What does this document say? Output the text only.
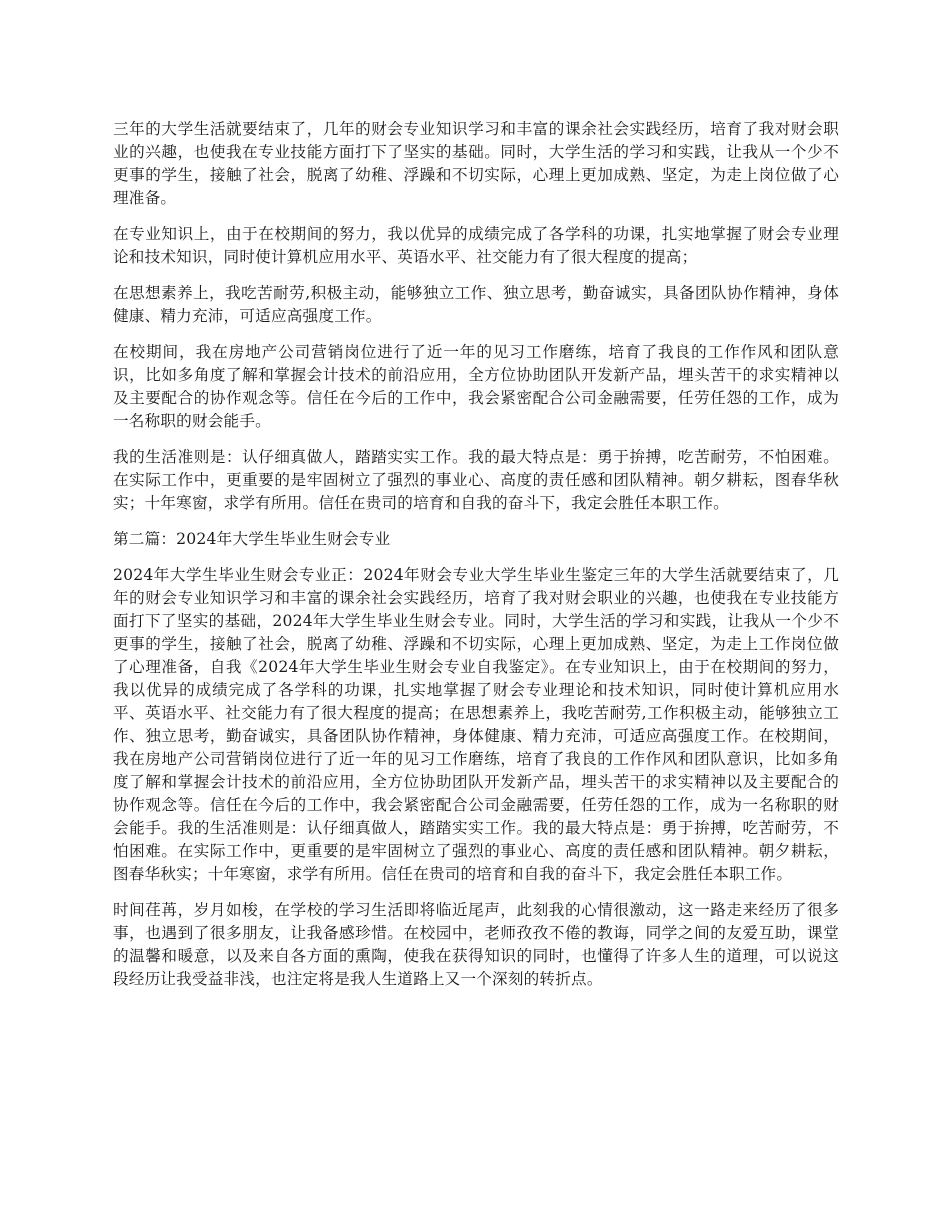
三年的大学生活就要结束了，几年的财会专业知识学习和丰富的课余社会实践经历，培育了我对财会职业的兴趣，也使我在专业技能方面打下了坚实的基础。同时，大学生活的学习和实践，让我从一个少不更事的学生，接触了社会，脱离了幼稚、浮躁和不切实际，心理上更加成熟、坚定，为走上岗位做了心理准备。

在专业知识上，由于在校期间的努力，我以优异的成绩完成了各学科的功课，扎实地掌握了财会专业理论和技术知识，同时使计算机应用水平、英语水平、社交能力有了很大程度的提高；

在思想素养上，我吃苦耐劳,积极主动，能够独立工作、独立思考，勤奋诚实，具备团队协作精神，身体健康、精力充沛，可适应高强度工作。

在校期间，我在房地产公司营销岗位进行了近一年的见习工作磨练，培育了我良的工作作风和团队意识，比如多角度了解和掌握会计技术的前沿应用，全方位协助团队开发新产品，埋头苦干的求实精神以及主要配合的协作观念等。信任在今后的工作中，我会紧密配合公司金融需要，任劳任怨的工作，成为一名称职的财会能手。

我的生活准则是：认仔细真做人，踏踏实实工作。我的最大特点是：勇于拚搏，吃苦耐劳，不怕困难。在实际工作中，更重要的是牢固树立了强烈的事业心、高度的责任感和团队精神。朝夕耕耘，图春华秋实；十年寒窗，求学有所用。信任在贵司的培育和自我的奋斗下，我定会胜任本职工作。

第二篇：2024年大学生毕业生财会专业

2024年大学生毕业生财会专业正：2024年财会专业大学生毕业生鉴定三年的大学生活就要结束了，几年的财会专业知识学习和丰富的课余社会实践经历，培育了我对财会职业的兴趣，也使我在专业技能方面打下了坚实的基础，2024年大学生毕业生财会专业。同时，大学生活的学习和实践，让我从一个少不更事的学生，接触了社会，脱离了幼稚、浮躁和不切实际，心理上更加成熟、坚定，为走上工作岗位做了心理准备，自我《2024年大学生毕业生财会专业自我鉴定》。在专业知识上，由于在校期间的努力，我以优异的成绩完成了各学科的功课，扎实地掌握了财会专业理论和技术知识，同时使计算机应用水平、英语水平、社交能力有了很大程度的提高；在思想素养上，我吃苦耐劳,工作积极主动，能够独立工作、独立思考，勤奋诚实，具备团队协作精神，身体健康、精力充沛，可适应高强度工作。在校期间，我在房地产公司营销岗位进行了近一年的见习工作磨练，培育了我良的工作作风和团队意识，比如多角度了解和掌握会计技术的前沿应用，全方位协助团队开发新产品，埋头苦干的求实精神以及主要配合的协作观念等。信任在今后的工作中，我会紧密配合公司金融需要，任劳任怨的工作，成为一名称职的财会能手。我的生活准则是：认仔细真做人，踏踏实实工作。我的最大特点是：勇于拚搏，吃苦耐劳，不怕困难。在实际工作中，更重要的是牢固树立了强烈的事业心、高度的责任感和团队精神。朝夕耕耘，图春华秋实；十年寒窗，求学有所用。信任在贵司的培育和自我的奋斗下，我定会胜任本职工作。

时间荏苒，岁月如梭，在学校的学习生活即将临近尾声，此刻我的心情很激动，这一路走来经历了很多事，也遇到了很多朋友，让我备感珍惜。在校园中，老师孜孜不倦的教诲，同学之间的友爱互助，课堂的温馨和暖意，以及来自各方面的熏陶，使我在获得知识的同时，也懂得了许多人生的道理，可以说这段经历让我受益非浅，也注定将是我人生道路上又一个深刻的转折点。
